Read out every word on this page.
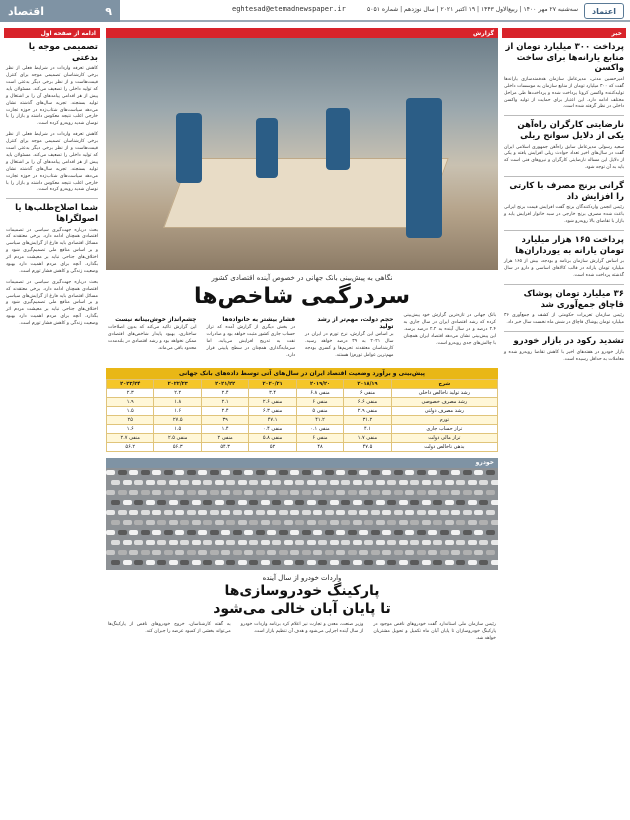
۹
اقتصاد	eghtesad@etemadnewspaper.ir	سه‌شنبه ۲۷ مهر ۱۴۰۰ | ربیع‌الاول ۱۴۴۳ | ۱۹ اکتبر ۲۰۲۱ | سال نوزدهم | شماره ۵۰۵۱	اعتماد
خبر
پرداخت ۳۰۰ میلیارد تومان از منابع یارانه‌ها برای ساخت واکسن
امیرحسین مدنی، مدیرعامل سازمان هدفمندسازی یارانه‌ها گفت که ۳۰۰ میلیارد تومان از منابع سازمان به موسسات داخلی تولیدکننده واکسن کرونا پرداخت شده و پرداخت‌ها طی مراحل مختلف ادامه دارد. این اعتبار برای حمایت از تولید واکسن داخلی در نظر گرفته شده است.
نارضایتی کارگران راه‌آهن یکی از دلایل سوانح ریلی
سعید رسولی مدیرعامل سابق راه‌آهن جمهوری اسلامی ایران گفت در سال‌های اخیر تعداد حوادث ریلی افزایش یافته و یکی از دلایل این مساله نارضایتی کارگران و نیروهای فنی است که باید به آن توجه شود.
گرانی برنج مصرف با کارتی را افزایش داد
رئیس انجمن واردکنندگان برنج گفت افزایش قیمت برنج ایرانی باعث شده مصرف برنج خارجی در سبد خانوار افزایش یابد و بازار با تقاضای بالا روبه‌رو شود.
پرداخت ۱۶۵ هزار میلیارد تومان یارانه به یورداران‌ها
بر اساس گزارش سازمان برنامه و بودجه، بیش از ۱۶۵ هزار میلیارد تومان یارانه در قالب کالاهای اساسی و دارو در سال گذشته پرداخت شده است.
۳۶ میلیارد تومان پوشاک قاچاق جمع‌آوری شد
رئیس سازمان تعزیرات حکومتی از کشف و جمع‌آوری ۳۶ میلیارد تومان پوشاک قاچاق در شش ماه نخست سال خبر داد.
تشدید رکود در بازار خودرو
بازار خودرو در هفته‌های اخیر با کاهش تقاضا روبه‌رو شده و معاملات به حداقل رسیده است.
گزارش
نگاهی به پیش‌بینی بانک جهانی در خصوص آینده اقتصادی کشور
سردرگمی شاخص‌ها
بانک جهانی در تازه‌ترین گزارش خود پیش‌بینی کرده که رشد اقتصادی ایران در سال جاری به ۲.۴ درصد و در سال آینده به ۲.۲ درصد برسد. این پیش‌بینی نشان می‌دهد اقتصاد ایران همچنان با چالش‌های جدی روبه‌رو است.
حجم دولت، مهم‌تر از رشد تولید
بر اساس این گزارش، نرخ تورم در ایران در سال ۲۰۲۱ به ۳۹ درصد خواهد رسید. کارشناسان معتقدند تحریم‌ها و کسری بودجه مهم‌ترین عوامل تورم‌زا هستند.
فشار بیشتر به خانواده‌ها
در بخش دیگری از گزارش آمده که تراز حساب جاری کشور مثبت خواهد بود و صادرات نفت به تدریج افزایش می‌یابد، اما سرمایه‌گذاری همچنان در سطح پایینی قرار دارد.
چشم‌انداز خوش‌بینانه نیست
این گزارش تاکید می‌کند که بدون اصلاحات ساختاری، بهبود پایدار شاخص‌های اقتصادی ممکن نخواهد بود و رشد اقتصادی در بلندمدت محدود باقی می‌ماند.
پیش‌بینی و برآورد وضعیت اقتصاد ایران در سال‌های آتی توسط داده‌های بانک جهانی
شرح	۲۰۱۸/۱۹	۲۰۱۹/۲۰	۲۰۲۰/۲۱	۲۰۲۱/۲۲	۲۰۲۲/۲۳	۲۰۲۳/۲۴
رشد تولید ناخالص داخلی	منفی ۶	منفی ۶.۸	۳.۴	۲.۴	۲.۲	۲.۳
رشد مصرف خصوصی	منفی ۶.۶	منفی ۶	منفی ۲.۶	۲.۱	۱.۸	۱.۹
رشد مصرف دولتی	منفی ۲.۹	منفی ۵	منفی ۶.۳	۲.۴	۱.۶	۱.۵
تورم	۳۱.۲	۴۱.۲	۴۷.۱	۳۹	۲۷.۵	۲۵
تراز حساب جاری	۴.۱	منفی ۰.۱	منفی ۰.۴	۱.۴	۱.۵	۱.۶
تراز مالی دولت	منفی ۱.۷	منفی ۶	منفی ۵.۸	منفی ۲	منفی ۲.۵	منفی ۲.۷
بدهی ناخالص دولت	۴۷.۵	۴۸	۵۲	۵۴.۳	۵۶.۳	۵۶.۲
خودرو
واردات خودرو از سال آینده
پارکینگ خودروسازی‌ها
تا پایان آبان خالی می‌شود
رئیس سازمان ملی استاندارد گفت خودروهای ناقص موجود در پارکینگ خودروسازان تا پایان آبان ماه تکمیل و تحویل مشتریان خواهد شد.
وزیر صنعت، معدن و تجارت نیز اعلام کرد برنامه واردات خودرو از سال آینده اجرایی می‌شود و هدف آن تنظیم بازار است.
به گفته کارشناسان، خروج خودروهای ناقص از پارکینگ‌ها می‌تواند بخشی از کمبود عرضه را جبران کند.
ادامه از صفحه اول
تصمیمی موجه یا بدعتی
کاهش تعرفه واردات در شرایط فعلی از نظر برخی کارشناسان تصمیمی موجه برای کنترل قیمت‌هاست و از نظر برخی دیگر بدعتی است که تولید داخلی را تضعیف می‌کند. مسئولان باید پیش از هر اقدامی پیامدهای آن را بر اشتغال و تولید بسنجند. تجربه سال‌های گذشته نشان می‌دهد سیاست‌های شتاب‌زده در حوزه تجارت خارجی اغلب نتیجه معکوس داشته و بازار را با نوسان شدید روبه‌رو کرده است.
کاهش تعرفه واردات در شرایط فعلی از نظر برخی کارشناسان تصمیمی موجه برای کنترل قیمت‌هاست و از نظر برخی دیگر بدعتی است که تولید داخلی را تضعیف می‌کند. مسئولان باید پیش از هر اقدامی پیامدهای آن را بر اشتغال و تولید بسنجند. تجربه سال‌های گذشته نشان می‌دهد سیاست‌های شتاب‌زده در حوزه تجارت خارجی اغلب نتیجه معکوس داشته و بازار را با نوسان شدید روبه‌رو کرده است.
شما اصلاح‌طلب‌ها یا اصولگراها
بحث درباره جهت‌گیری سیاسی در تصمیمات اقتصادی همچنان ادامه دارد. برخی معتقدند که مسائل اقتصادی باید فارغ از گرایش‌های سیاسی و بر اساس منافع ملی تصمیم‌گیری شود و اختلاف‌های جناحی نباید بر معیشت مردم اثر بگذارد. آنچه برای مردم اهمیت دارد بهبود وضعیت زندگی و کاهش فشار تورم است.
بحث درباره جهت‌گیری سیاسی در تصمیمات اقتصادی همچنان ادامه دارد. برخی معتقدند که مسائل اقتصادی باید فارغ از گرایش‌های سیاسی و بر اساس منافع ملی تصمیم‌گیری شود و اختلاف‌های جناحی نباید بر معیشت مردم اثر بگذارد. آنچه برای مردم اهمیت دارد بهبود وضعیت زندگی و کاهش فشار تورم است.
